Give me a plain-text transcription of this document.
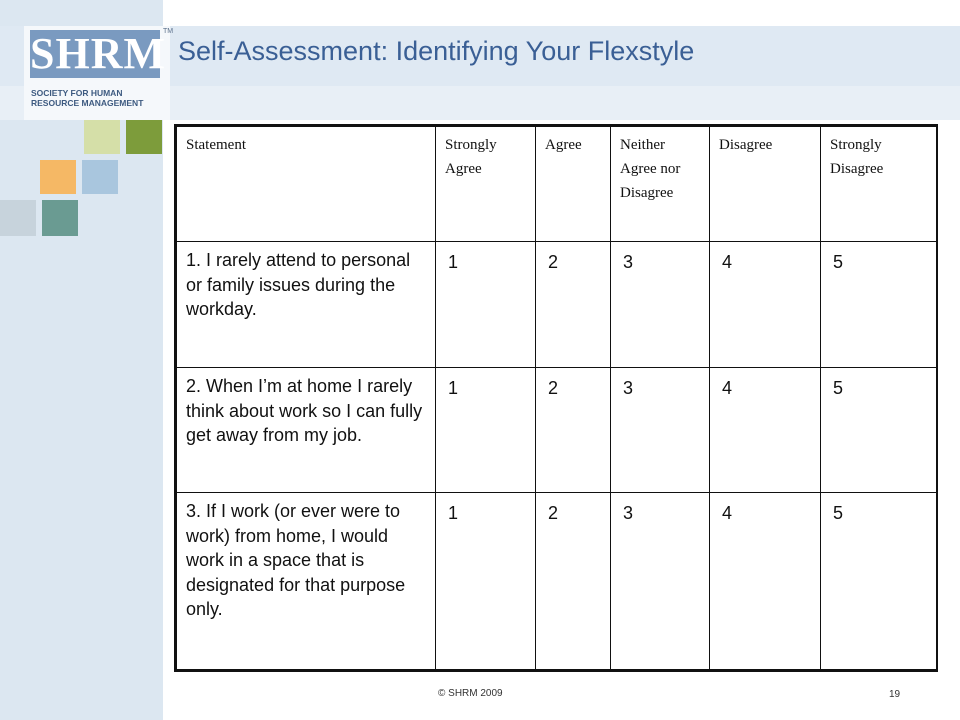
SHRM
TM
SOCIETY FOR HUMAN
RESOURCE MANAGEMENT
Self-Assessment: Identifying Your Flexstyle
Statement	Strongly Agree	Agree	Neither Agree nor Disagree	Disagree	Strongly Disagree
1. I rarely attend to personal or family issues during the workday.	1	2	3	4	5
2. When I’m at home I rarely think about work so I can fully get away from my job.	1	2	3	4	5
3. If I work (or ever were to work) from home, I would work in a space that is designated for that purpose only.	1	2	3	4	5
© SHRM 2009	19
